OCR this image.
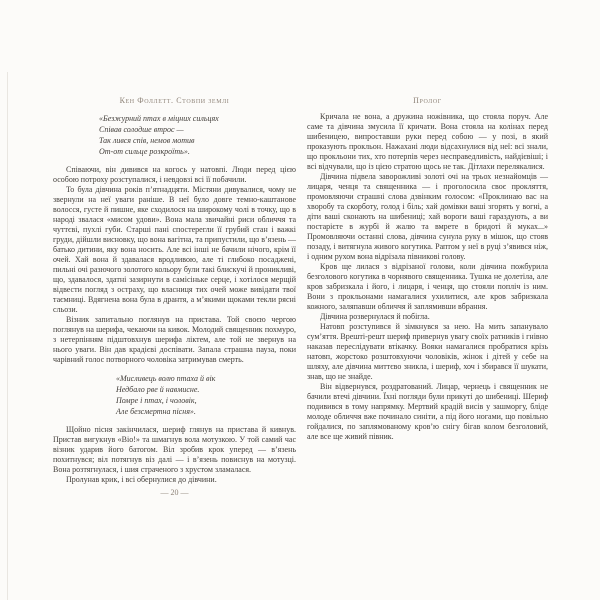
Кен Фоллетт. Стовпи землі
«Безжурний птах в міцних сильцях
Співав солодше втрос —
Так лився спів, немов мотив
От-от сильце розкроїть».

Співаючи, він дивився на когось у натовпі. Люди перед цією особою потроху розступалися, і невдовзі всі її побачили.

То була дівчина років п’ятнадцяти. Містяни дивувалися, чому не звернули на неї уваги раніше. В неї було довге темно-каштанове волосся, густе й пишне, яке сходилося на широкому чолі в точку, що в народі звалася «мисом удови». Вона мала звичайні риси обличчя та чуттєві, пухлі губи. Старші пані спостерегли її грубий стан і важкі груди, дійшли висновку, що вона вагітна, та припустили, що в’язень — батько дитини, яку вона носить. Але всі інші не бачили нічого, крім її очей. Хай вона й здавалася вродливою, але ті глибоко посаджені, пильні очі разючого золотого кольору були такі блискучі й проникливі, що, здавалося, здатні зазирнути в самісіньке серце, і хотілося мерщій відвести погляд з остраху, що власниця тих очей може вивідати твої таємниці. Вдягнена вона була в дрантя, а м’якими щоками текли рясні сльози.

Візник запитально поглянув на пристава. Той своєю чергою поглянув на шерифа, чекаючи на кивок. Молодий священник похмуро, з нетерпінням підштовхнув шерифа ліктем, але той не звернув на нього уваги. Він дав крадієві доспівати. Запала страшна пауза, поки чарівний голос потворного чоловіка затримував смерть.

«Мисливець волю птаха й вік
Недбало рве й навмисне.
Помре і птах, і чоловік,
Але безсмертна пісня».

Щойно пісня закінчилася, шериф глянув на пристава й кивнув. Пристав вигукнув «Віо!» та шмагнув вола мотузкою. У той самий час візник ударив його батогом. Віл зробив крок уперед — в’язень похитнувся; віл потягнув віз далі — і в’язень повиснув на мотузці. Вона розтягнулася, і шия страченого з хрустом зламалася.

Пролунав крик, і всі обернулися до дівчини.

— 20 —
Пролог

Кричала не вона, а дружина ножівника, що стояла поруч. Але саме та дівчина змусила її кричати. Вона стояла на колінах перед шибеницею, випроставши руки перед собою — у позі, в який проказують прокльон. Нажахані люди відсахнулися від неї: всі знали, що прокльони тих, хто потерпів через несправедливість, найдієвіші; і всі відчували, що із цією стратою щось не так. Дітлахи перелякалися.

Дівчина підвела заворожливі золоті очі на трьох незнайомців — лицаря, ченця та священника — і проголосила своє прокляття, промовляючи страшні слова дзвінким голосом: «Проклинаю вас на хворобу та скорботу, голод і біль; хай домівки ваші згорять у вогні, а діти ваші сконають на шибениці; хай вороги ваші гараздують, а ви постарієте в журбі й жалю та вмрете в бридоті й муках...» Промовляючи останні слова, дівчина сунула руку в мішок, що стояв позаду, і витягнула живого когутика. Раптом у неї в руці з’явився ніж, і одним рухом вона відрізала півникові голову.

Кров ще лилася з відрізаної голови, коли дівчина пожбурила безголового когутика в чорнявого священника. Тушка не долетіла, але кров забризкала і його, і лицаря, і ченця, що стояли попліч із ним. Вони з прокльонами намагалися ухилитися, але кров забризкала кожного, заляпавши обличчя й заплямивши вбрання.

Дівчина розвернулася й побігла.

Натовп розступився й зімкнувся за нею. На мить запанувало сум’яття. Врешті-решт шериф привернув увагу своїх ратників і гнівно наказав переслідувати втікачку. Вояки намагалися пробратися крізь натовп, жорстоко розштовхуючи чоловіків, жінок і дітей у себе на шляху, але дівчина миттєво зникла, і шериф, хоч і збирався її шукати, знав, що не знайде.

Він відвернувся, роздратований. Лицар, чернець і священник не бачили втечі дівчини. Їхні погляди були прикуті до шибениці. Шериф подивився в тому напрямку. Мертвий крадій висів у зашморгу, бліде молоде обличчя вже починало синіти, а під його ногами, що повільно гойдалися, по заплямованому кров’ю снігу бігав колом безголовий, але все ще живий півник.
